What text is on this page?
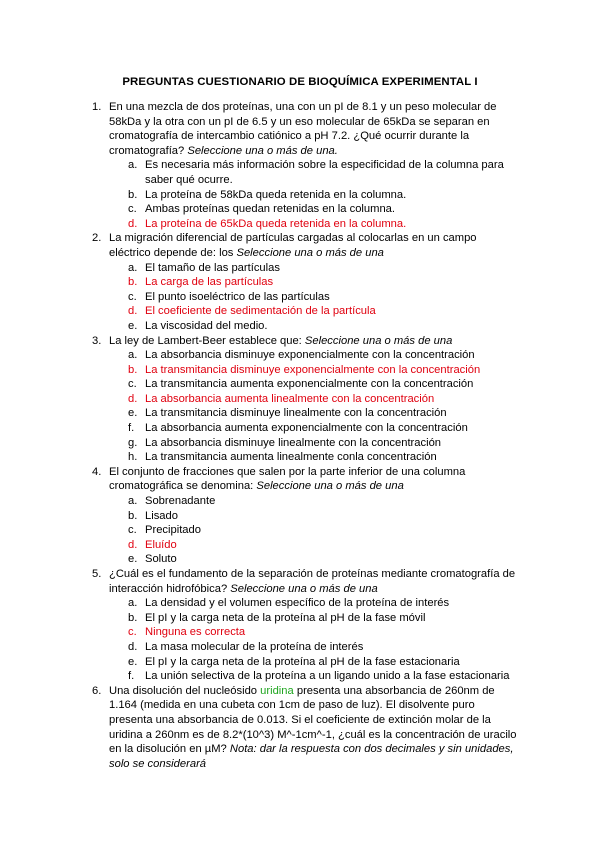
PREGUNTAS CUESTIONARIO DE BIOQUÍMICA EXPERIMENTAL I
1. En una mezcla de dos proteínas, una con un pI de 8.1 y un peso molecular de 58kDa y la otra con un pI de 6.5 y un eso molecular de 65kDa se separan en cromatografía de intercambio catiónico a pH 7.2. ¿Qué ocurrir durante la cromatografía? Seleccione una o más de una.
a. Es necesaria más información sobre la especificidad de la columna para saber qué ocurre.
b. La proteína de 58kDa queda retenida en la columna.
c. Ambas proteínas quedan retenidas en la columna.
d. La proteína de 65kDa queda retenida en la columna.
2. La migración diferencial de partículas cargadas al colocarlas en un campo eléctrico depende de: los Seleccione una o más de una
a. El tamaño de las partículas
b. La carga de las partículas
c. El punto isoeléctrico de las partículas
d. El coeficiente de sedimentación de la partícula
e. La viscosidad del medio.
3. La ley de Lambert-Beer establece que: Seleccione una o más de una
a. La absorbancia disminuye exponencialmente con la concentración
b. La transmitancia disminuye exponencialmente con la concentración
c. La transmitancia aumenta exponencialmente con la concentración
d. La absorbancia aumenta linealmente con la concentración
e. La transmitancia disminuye linealmente con la concentración
f. La absorbancia aumenta exponencialmente con la concentración
g. La absorbancia disminuye linealmente con la concentración
h. La transmitancia aumenta linealmente conla concentración
4. El conjunto de fracciones que salen por la parte inferior de una columna cromatográfica se denomina: Seleccione una o más de una
a. Sobrenadante
b. Lisado
c. Precipitado
d. Eluído
e. Soluto
5. ¿Cuál es el fundamento de la separación de proteínas mediante cromatografía de interacción hidrofóbica? Seleccione una o más de una
a. La densidad y el volumen específico de la proteína de interés
b. El pI y la carga neta de la proteína al pH de la fase móvil
c. Ninguna es correcta
d. La masa molecular de la proteína de interés
e. El pI y la carga neta de la proteína al pH de la fase estacionaria
f. La unión selectiva de la proteína a un ligando unido a la fase estacionaria
6. Una disolución del nucleósido uridina presenta una absorbancia de 260nm de 1.164 (medida en una cubeta con 1cm de paso de luz). El disolvente puro presenta una absorbancia de 0.013. Si el coeficiente de extinción molar de la uridina a 260nm es de 8.2*(10^3) M^-1cm^-1, ¿cuál es la concentración de uracilo en la disolución en µM? Nota: dar la respuesta con dos decimales y sin unidades, solo se considerará
